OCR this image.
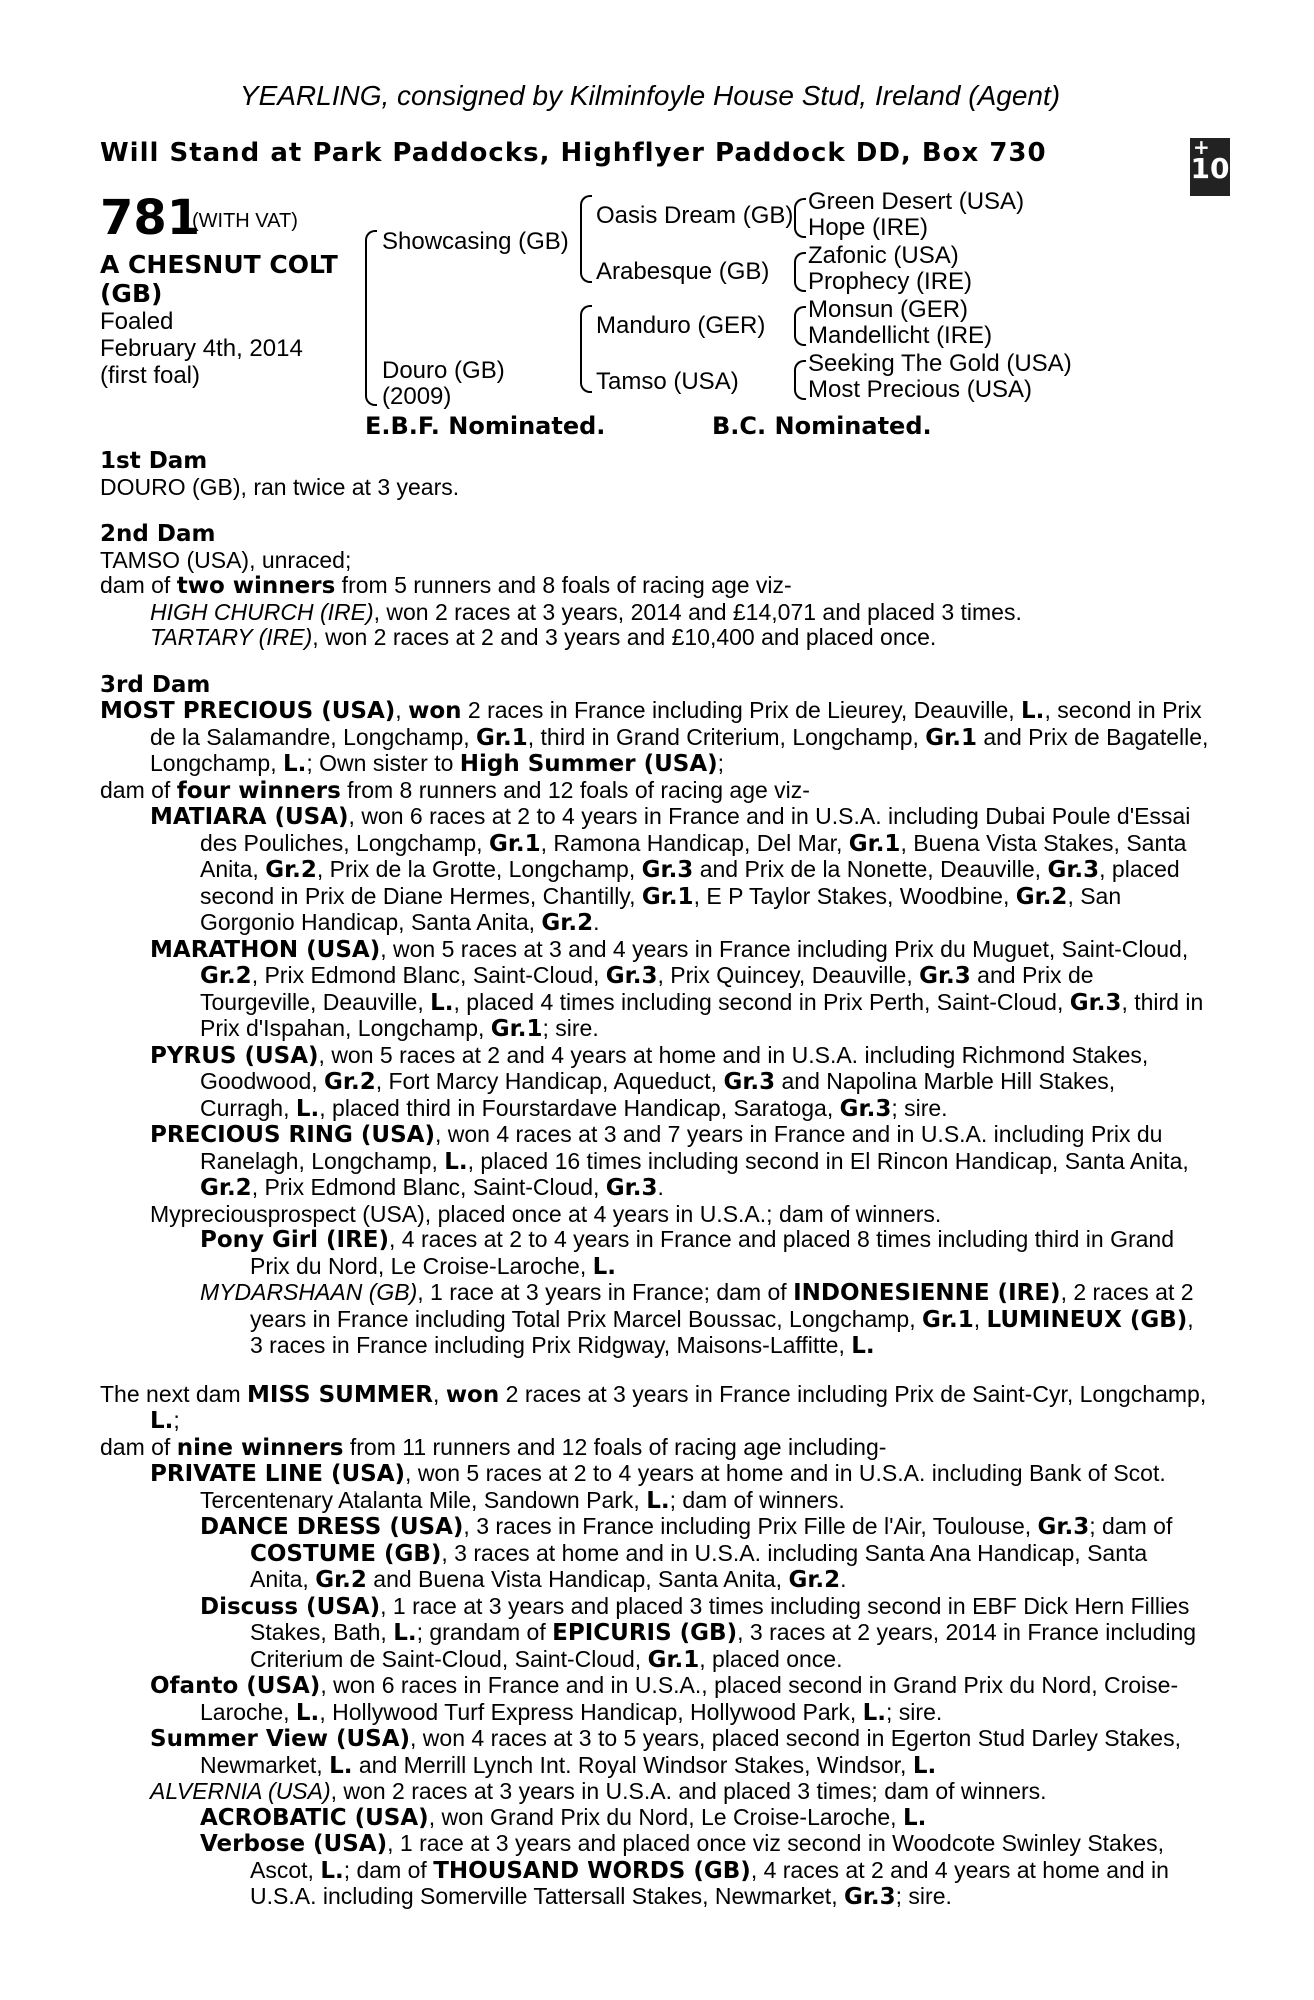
YEARLING, consigned by Kilminfoyle House Stud, Ireland (Agent)
Will Stand at Park Paddocks, Highflyer Paddock DD, Box 730	+
10
781
(WITH VAT)
A CHESNUT COLT
(GB)
Foaled
February 4th, 2014
(first foal)
Showcasing (GB)
Douro (GB)
(2009)
Oasis Dream (GB)
Arabesque (GB)
Manduro (GER)
Tamso (USA)
Green Desert (USA)
Hope (IRE)
Zafonic (USA)
Prophecy (IRE)
Monsun (GER)
Mandellicht (IRE)
Seeking The Gold (USA)
Most Precious (USA)
E.B.F. Nominated.	B.C. Nominated.

1st Dam

DOURO (GB), ran twice at 3 years.

2nd Dam

TAMSO (USA), unraced;

dam of two winners from 5 runners and 8 foals of racing age viz-

HIGH CHURCH (IRE), won 2 races at 3 years, 2014 and £14,071 and placed 3 times.

TARTARY (IRE), won 2 races at 2 and 3 years and £10,400 and placed once.

3rd Dam

MOST PRECIOUS (USA), won 2 races in France including Prix de Lieurey, Deauville, L., second in Prix de la Salamandre, Longchamp, Gr.1, third in Grand Criterium, Longchamp, Gr.1 and Prix de Bagatelle, Longchamp, L.; Own sister to High Summer (USA);

dam of four winners from 8 runners and 12 foals of racing age viz-

MATIARA (USA), won 6 races at 2 to 4 years in France and in U.S.A. including Dubai Poule d'Essai des Pouliches, Longchamp, Gr.1, Ramona Handicap, Del Mar, Gr.1, Buena Vista Stakes, Santa Anita, Gr.2, Prix de la Grotte, Longchamp, Gr.3 and Prix de la Nonette, Deauville, Gr.3, placed second in Prix de Diane Hermes, Chantilly, Gr.1, E P Taylor Stakes, Woodbine, Gr.2, San Gorgonio Handicap, Santa Anita, Gr.2.

MARATHON (USA), won 5 races at 3 and 4 years in France including Prix du Muguet, Saint-Cloud, Gr.2, Prix Edmond Blanc, Saint-Cloud, Gr.3, Prix Quincey, Deauville, Gr.3 and Prix de Tourgeville, Deauville, L., placed 4 times including second in Prix Perth, Saint-Cloud, Gr.3, third in Prix d'Ispahan, Longchamp, Gr.1; sire.

PYRUS (USA), won 5 races at 2 and 4 years at home and in U.S.A. including Richmond Stakes, Goodwood, Gr.2, Fort Marcy Handicap, Aqueduct, Gr.3 and Napolina Marble Hill Stakes, Curragh, L., placed third in Fourstardave Handicap, Saratoga, Gr.3; sire.

PRECIOUS RING (USA), won 4 races at 3 and 7 years in France and in U.S.A. including Prix du Ranelagh, Longchamp, L., placed 16 times including second in El Rincon Handicap, Santa Anita, Gr.2, Prix Edmond Blanc, Saint-Cloud, Gr.3.

Mypreciousprospect (USA), placed once at 4 years in U.S.A.; dam of winners.

Pony Girl (IRE), 4 races at 2 to 4 years in France and placed 8 times including third in Grand Prix du Nord, Le Croise-Laroche, L.

MYDARSHAAN (GB), 1 race at 3 years in France; dam of INDONESIENNE (IRE), 2 races at 2 years in France including Total Prix Marcel Boussac, Longchamp, Gr.1, LUMINEUX (GB), 3 races in France including Prix Ridgway, Maisons-Laffitte, L.

The next dam MISS SUMMER, won 2 races at 3 years in France including Prix de Saint-Cyr, Longchamp, L.;

dam of nine winners from 11 runners and 12 foals of racing age including-

PRIVATE LINE (USA), won 5 races at 2 to 4 years at home and in U.S.A. including Bank of Scot. Tercentenary Atalanta Mile, Sandown Park, L.; dam of winners.

DANCE DRESS (USA), 3 races in France including Prix Fille de l'Air, Toulouse, Gr.3; dam of COSTUME (GB), 3 races at home and in U.S.A. including Santa Ana Handicap, Santa Anita, Gr.2 and Buena Vista Handicap, Santa Anita, Gr.2.

Discuss (USA), 1 race at 3 years and placed 3 times including second in EBF Dick Hern Fillies Stakes, Bath, L.; grandam of EPICURIS (GB), 3 races at 2 years, 2014 in France including Criterium de Saint-Cloud, Saint-Cloud, Gr.1, placed once.

Ofanto (USA), won 6 races in France and in U.S.A., placed second in Grand Prix du Nord, Croise-Laroche, L., Hollywood Turf Express Handicap, Hollywood Park, L.; sire.

Summer View (USA), won 4 races at 3 to 5 years, placed second in Egerton Stud Darley Stakes, Newmarket, L. and Merrill Lynch Int. Royal Windsor Stakes, Windsor, L.

ALVERNIA (USA), won 2 races at 3 years in U.S.A. and placed 3 times; dam of winners.

ACROBATIC (USA), won Grand Prix du Nord, Le Croise-Laroche, L.

Verbose (USA), 1 race at 3 years and placed once viz second in Woodcote Swinley Stakes, Ascot, L.; dam of THOUSAND WORDS (GB), 4 races at 2 and 4 years at home and in U.S.A. including Somerville Tattersall Stakes, Newmarket, Gr.3; sire.
